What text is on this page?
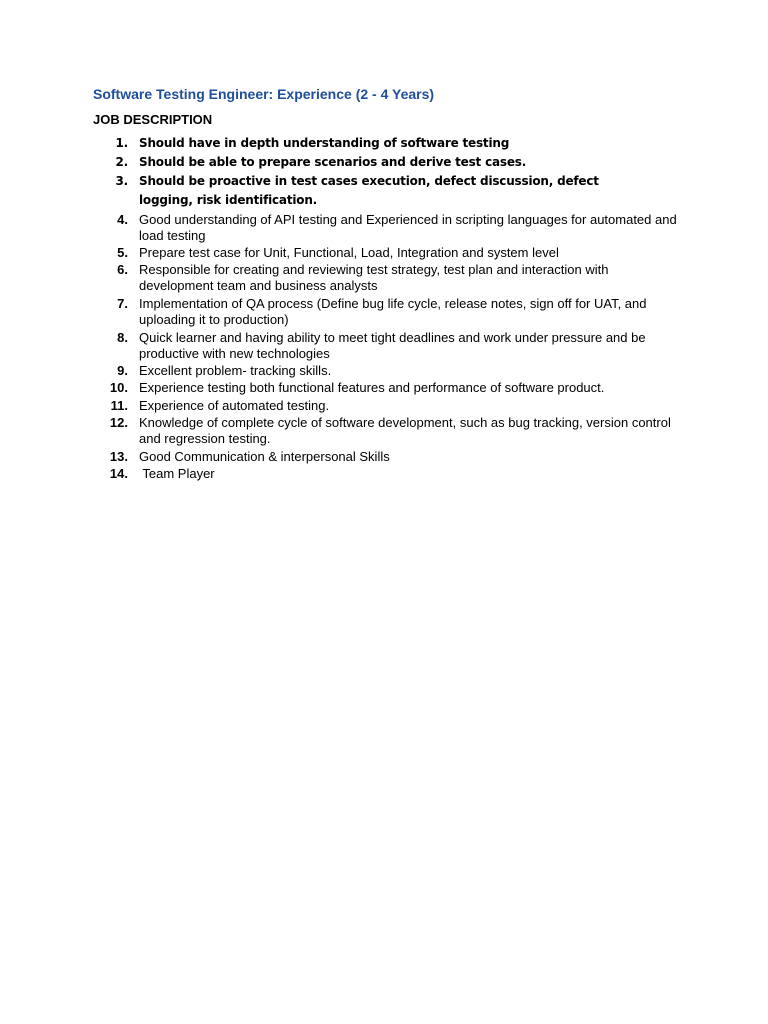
Software Testing Engineer: Experience (2 - 4 Years)
JOB DESCRIPTION
1. Should have in depth understanding of software testing
2. Should be able to prepare scenarios and derive test cases.
3. Should be proactive in test cases execution, defect discussion, defect logging, risk identification.
4. Good understanding of API testing and Experienced in scripting languages for automated and load testing
5. Prepare test case for Unit, Functional, Load, Integration and system level
6. Responsible for creating and reviewing test strategy, test plan and interaction with development team and business analysts
7. Implementation of QA process (Define bug life cycle, release notes, sign off for UAT, and uploading it to production)
8. Quick learner and having ability to meet tight deadlines and work under pressure and be productive with new technologies
9. Excellent problem- tracking skills.
10. Experience testing both functional features and performance of software product.
11. Experience of automated testing.
12. Knowledge of complete cycle of software development, such as bug tracking, version control and regression testing.
13. Good Communication & interpersonal Skills
14. Team Player
